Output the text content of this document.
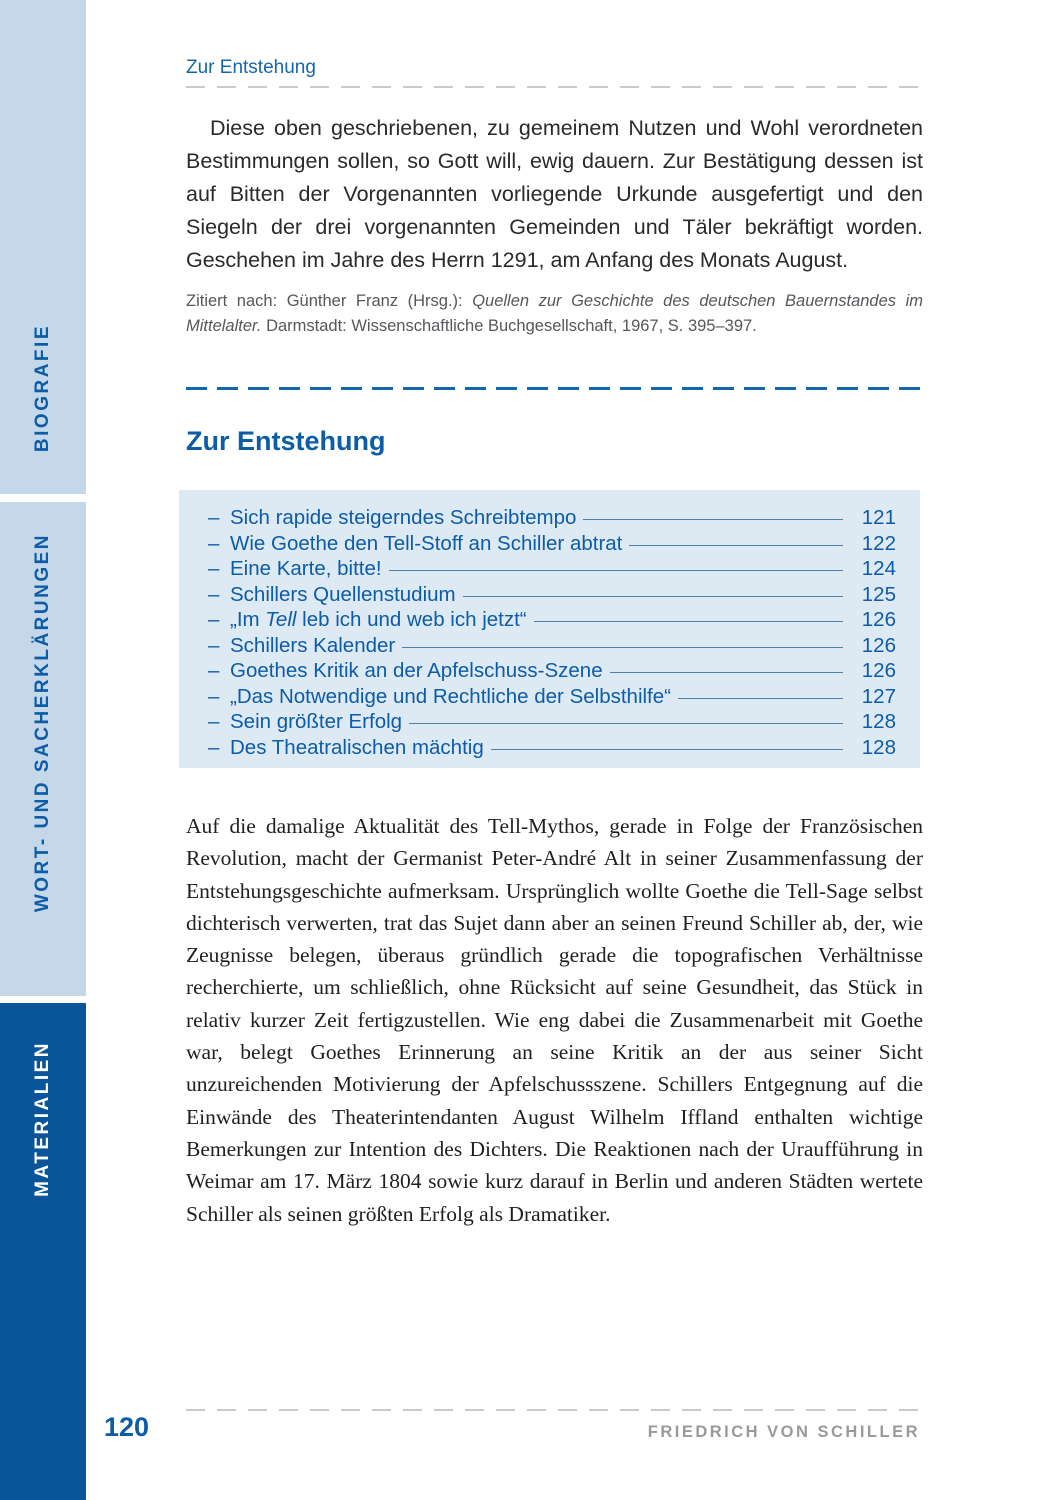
BIOGRAFIE
WORT- UND SACHERKLÄRUNGEN
MATERIALIEN
Zur Entstehung

Diese oben geschriebenen, zu gemeinem Nutzen und Wohl verordneten Bestimmungen sollen, so Gott will, ewig dauern. Zur Bestätigung dessen ist auf Bitten der Vorgenannten vorliegende Urkunde ausgefertigt und den Siegeln der drei vorgenannten Gemeinden und Täler bekräftigt worden. Geschehen im Jahre des Herrn 1291, am Anfang des Monats August.

Zitiert nach: Günther Franz (Hrsg.): Quellen zur Geschichte des deutschen Bauernstandes im Mittelalter. Darmstadt: Wissenschaftliche Buchgesellschaft, 1967, S. 395–397.

Zur Entstehung
– Sich rapide steigerndes Schreibtempo	121
– Wie Goethe den Tell-Stoff an Schiller abtrat	122
– Eine Karte, bitte!	124
– Schillers Quellenstudium	125
– „Im Tell leb ich und web ich jetzt“	126
– Schillers Kalender	126
– Goethes Kritik an der Apfelschuss-Szene	126
– „Das Notwendige und Rechtliche der Selbsthilfe“	127
– Sein größter Erfolg	128
– Des Theatralischen mächtig	128

Auf die damalige Aktualität des Tell-Mythos, gerade in Folge der Französischen Revolution, macht der Germanist Peter-André Alt in seiner Zusammenfassung der Entstehungsgeschichte aufmerksam. Ursprünglich wollte Goethe die Tell-Sage selbst dichterisch verwerten, trat das Sujet dann aber an seinen Freund Schiller ab, der, wie Zeugnisse belegen, überaus gründlich gerade die topografischen Verhältnisse recherchierte, um schließlich, ohne Rücksicht auf seine Gesundheit, das Stück in relativ kurzer Zeit fertigzustellen. Wie eng dabei die Zusammenarbeit mit Goethe war, belegt Goethes Erinnerung an seine Kritik an der aus seiner Sicht unzureichenden Motivierung der Apfelschussszene. Schillers Entgegnung auf die Einwände des Theaterintendanten August Wilhelm Iffland enthalten wichtige Bemerkungen zur Intention des Dichters. Die Reaktionen nach der Uraufführung in Weimar am 17. März 1804 sowie kurz darauf in Berlin und anderen Städten wertete Schiller als seinen größten Erfolg als Dramatiker.

120	FRIEDRICH VON SCHILLER
